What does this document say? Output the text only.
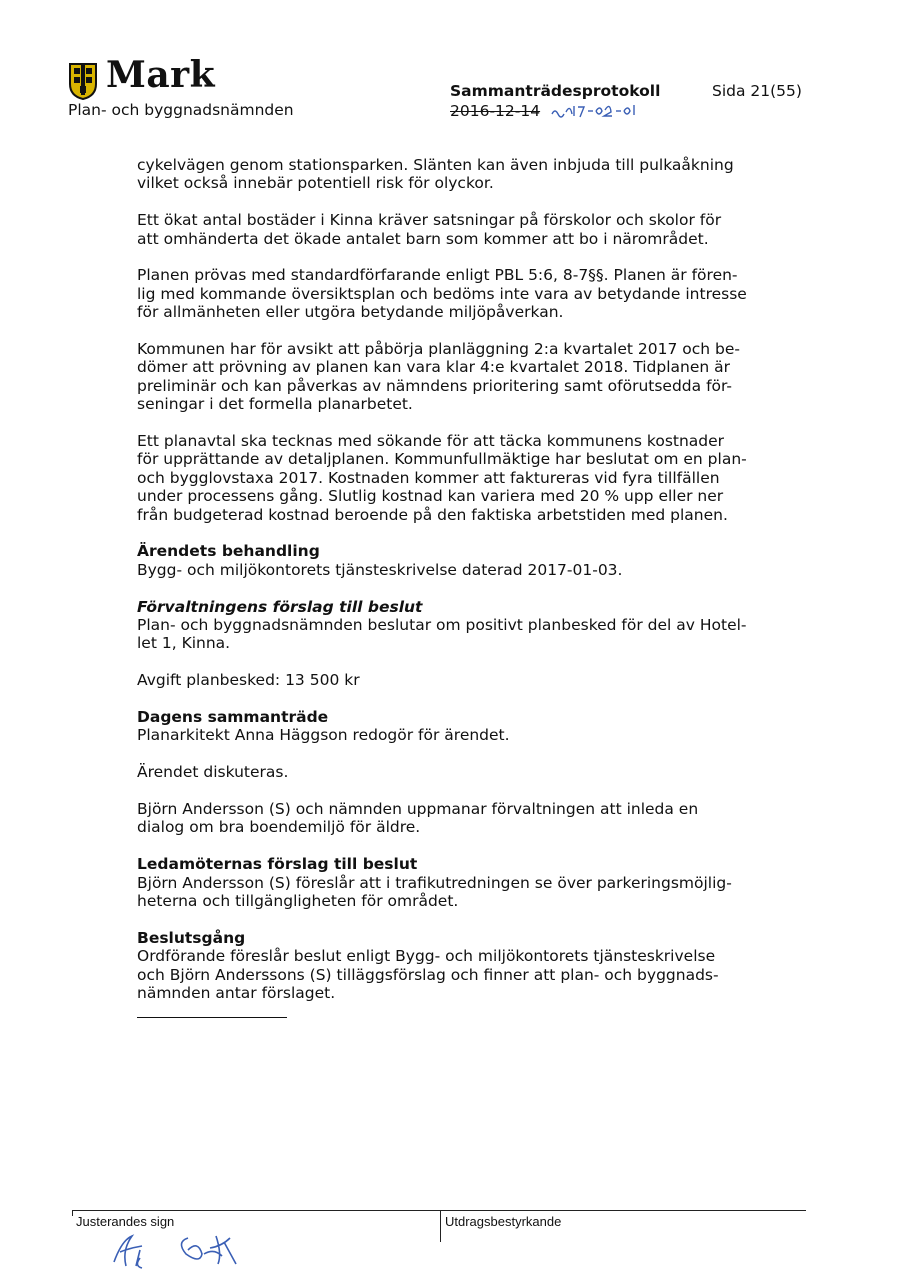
Mark
Plan- och byggnadsnämnden
Sammanträdesprotokoll	Sida 21(55)
2016-12-14
cykelvägen genom stationsparken. Slänten kan även inbjuda till pulkaåkning
vilket också innebär potentiell risk för olyckor.
Ett ökat antal bostäder i Kinna kräver satsningar på förskolor och skolor för
att omhänderta det ökade antalet barn som kommer att bo i närområdet.
Planen prövas med standardförfarande enligt PBL 5:6, 8-7§§. Planen är fören-
lig med kommande översiktsplan och bedöms inte vara av betydande intresse
för allmänheten eller utgöra betydande miljöpåverkan.
Kommunen har för avsikt att påbörja planläggning 2:a kvartalet 2017 och be-
dömer att prövning av planen kan vara klar 4:e kvartalet 2018. Tidplanen är
preliminär och kan påverkas av nämndens prioritering samt oförutsedda för-
seningar i det formella planarbetet.
Ett planavtal ska tecknas med sökande för att täcka kommunens kostnader
för upprättande av detaljplanen. Kommunfullmäktige har beslutat om en plan-
och bygglovstaxa 2017. Kostnaden kommer att faktureras vid fyra tillfällen
under processens gång. Slutlig kostnad kan variera med 20 % upp eller ner
från budgeterad kostnad beroende på den faktiska arbetstiden med planen.
Ärendets behandling
Bygg- och miljökontorets tjänsteskrivelse daterad 2017-01-03.
Förvaltningens förslag till beslut
Plan- och byggnadsnämnden beslutar om positivt planbesked för del av Hotel-
let 1, Kinna.
Avgift planbesked: 13 500 kr
Dagens sammanträde
Planarkitekt Anna Häggson redogör för ärendet.
Ärendet diskuteras.
Björn Andersson (S) och nämnden uppmanar förvaltningen att inleda en
dialog om bra boendemiljö för äldre.
Ledamöternas förslag till beslut
Björn Andersson (S) föreslår att i trafikutredningen se över parkeringsmöjlig-
heterna och tillgängligheten för området.
Beslutsgång
Ordförande föreslår beslut enligt Bygg- och miljökontorets tjänsteskrivelse
och Björn Anderssons (S) tilläggsförslag och finner att plan- och byggnads-
nämnden antar förslaget.
Justerandes sign	Utdragsbestyrkande
